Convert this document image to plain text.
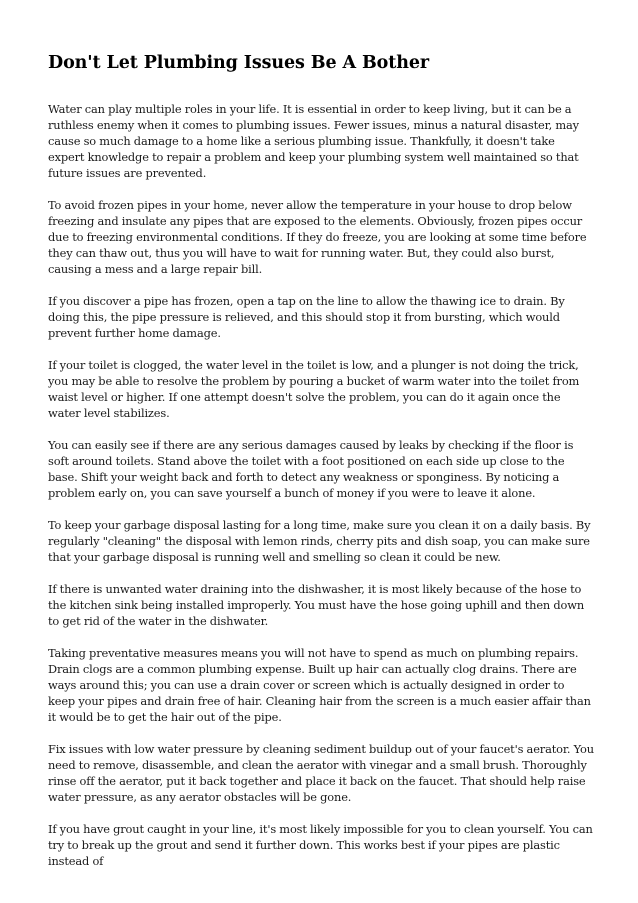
Don't Let Plumbing Issues Be A Bother

Water can play multiple roles in your life. It is essential in order to keep living, but it can be a ruthless enemy when it comes to plumbing issues. Fewer issues, minus a natural disaster, may cause so much damage to a home like a serious plumbing issue. Thankfully, it doesn't take expert knowledge to repair a problem and keep your plumbing system well maintained so that future issues are prevented.

To avoid frozen pipes in your home, never allow the temperature in your house to drop below freezing and insulate any pipes that are exposed to the elements. Obviously, frozen pipes occur due to freezing environmental conditions. If they do freeze, you are looking at some time before they can thaw out, thus you will have to wait for running water. But, they could also burst, causing a mess and a large repair bill.

If you discover a pipe has frozen, open a tap on the line to allow the thawing ice to drain. By doing this, the pipe pressure is relieved, and this should stop it from bursting, which would prevent further home damage.

If your toilet is clogged, the water level in the toilet is low, and a plunger is not doing the trick, you may be able to resolve the problem by pouring a bucket of warm water into the toilet from waist level or higher. If one attempt doesn't solve the problem, you can do it again once the water level stabilizes.

You can easily see if there are any serious damages caused by leaks by checking if the floor is soft around toilets. Stand above the toilet with a foot positioned on each side up close to the base. Shift your weight back and forth to detect any weakness or sponginess. By noticing a problem early on, you can save yourself a bunch of money if you were to leave it alone.

To keep your garbage disposal lasting for a long time, make sure you clean it on a daily basis. By regularly "cleaning" the disposal with lemon rinds, cherry pits and dish soap, you can make sure that your garbage disposal is running well and smelling so clean it could be new.

If there is unwanted water draining into the dishwasher, it is most likely because of the hose to the kitchen sink being installed improperly. You must have the hose going uphill and then down to get rid of the water in the dishwater.

Taking preventative measures means you will not have to spend as much on plumbing repairs. Drain clogs are a common plumbing expense. Built up hair can actually clog drains. There are ways around this; you can use a drain cover or screen which is actually designed in order to keep your pipes and drain free of hair. Cleaning hair from the screen is a much easier affair than it would be to get the hair out of the pipe.

Fix issues with low water pressure by cleaning sediment buildup out of your faucet's aerator. You need to remove, disassemble, and clean the aerator with vinegar and a small brush. Thoroughly rinse off the aerator, put it back together and place it back on the faucet. That should help raise water pressure, as any aerator obstacles will be gone.

If you have grout caught in your line, it's most likely impossible for you to clean yourself. You can try to break up the grout and send it further down. This works best if your pipes are plastic instead of
